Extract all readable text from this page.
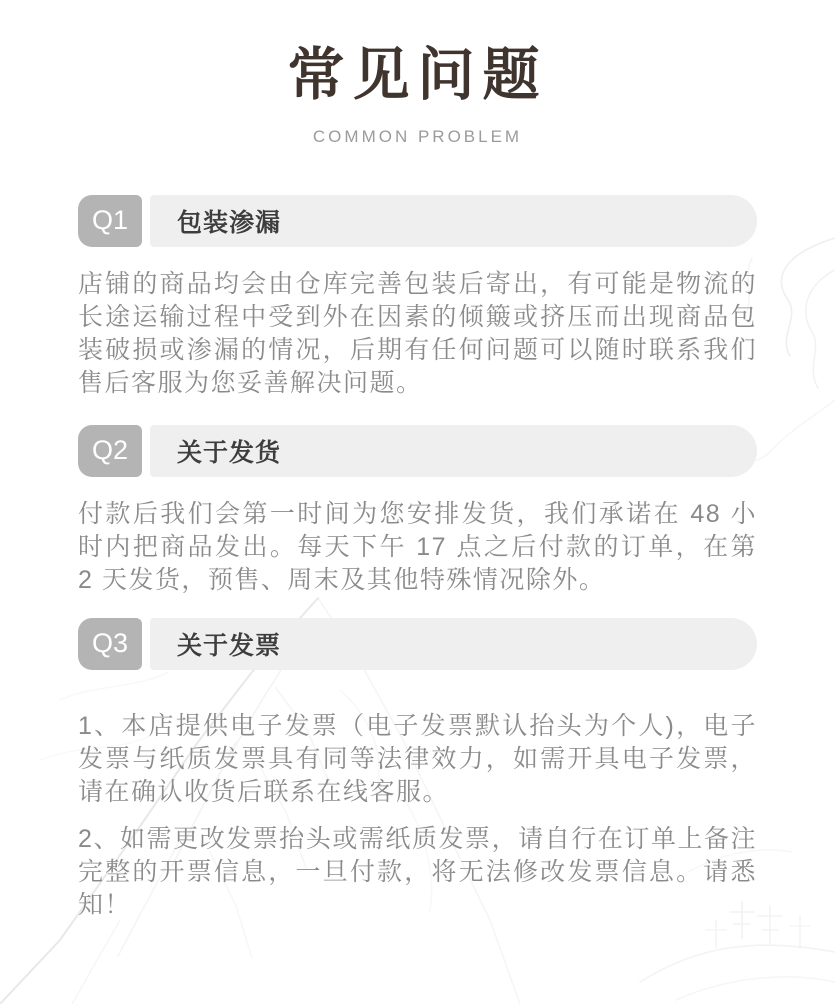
常见问题
COMMON PROBLEM
Q1	包装渗漏

店铺的商品均会由仓库完善包装后寄出，有可能是物流的长途运输过程中受到外在因素的倾簸或挤压而出现商品包装破损或渗漏的情况，后期有任何问题可以随时联系我们售后客服为您妥善解决问题。

Q2	关于发货

付款后我们会第一时间为您安排发货，我们承诺在 48 小时内把商品发出。每天下午 17 点之后付款的订单，在第 2 天发货，预售、周末及其他特殊情况除外。

Q3	关于发票

1、本店提供电子发票（电子发票默认抬头为个人)，电子发票与纸质发票具有同等法律效力，如需开具电子发票，请在确认收货后联系在线客服。

2、如需更改发票抬头或需纸质发票，请自行在订单上备注完整的开票信息，一旦付款，将无法修改发票信息。请悉知！
